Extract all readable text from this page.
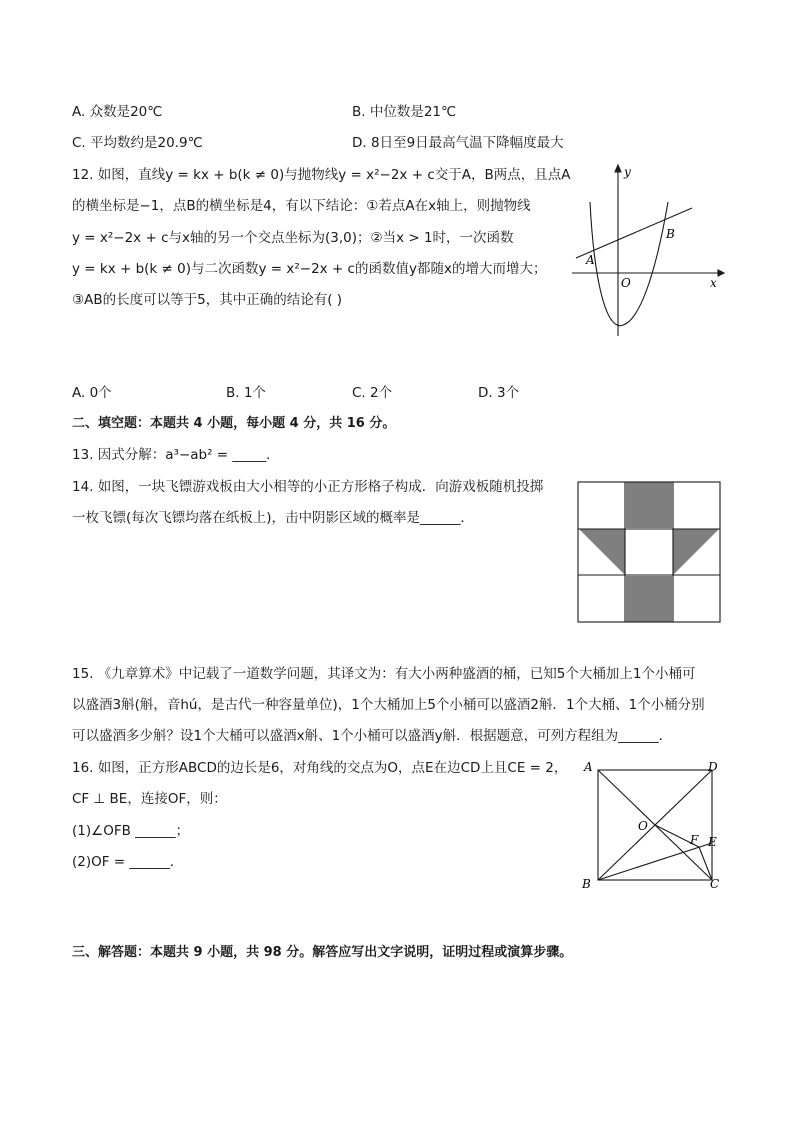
A. 众数是20℃	B. 中位数是21℃
C. 平均数约是20.9℃	D. 8日至9日最高气温下降幅度最大
12. 如图，直线y = kx + b(k ≠ 0)与抛物线y = x²−2x + c交于A，B两点，且点A
的横坐标是−1，点B的横坐标是4，有以下结论：①若点A在x轴上，则抛物线
y = x²−2x + c与x轴的另一个交点坐标为(3,0)；②当x > 1时，一次函数
y = kx + b(k ≠ 0)与二次函数y = x²−2x + c的函数值y都随x的增大而增大；
③AB的长度可以等于5，其中正确的结论有( )
y
x
A
B
O
A. 0个	B. 1个	C. 2个	D. 3个
二、填空题：本题共 4 小题，每小题 4 分，共 16 分。
13. 因式分解：a³−ab² = _____．
14. 如图，一块飞镖游戏板由大小相等的小正方形格子构成．向游戏板随机投掷
一枚飞镖(每次飞镖均落在纸板上)，击中阴影区域的概率是______．
15. 《九章算术》中记载了一道数学问题，其译文为：有大小两种盛酒的桶，已知5个大桶加上1个小桶可
以盛酒3斛(斛，音hú，是古代一种容量单位)，1个大桶加上5个小桶可以盛酒2斛．1个大桶、1个小桶分别
可以盛酒多少斛？设1个大桶可以盛酒x斛、1个小桶可以盛酒y斛．根据题意，可列方程组为______．
16. 如图，正方形ABCD的边长是6，对角线的交点为O，点E在边CD上且CE = 2，
CF ⊥ BE，连接OF，则：
(1)∠OFB ______；
(2)OF = ______．
A	D
B	C
O
F E
三、解答题：本题共 9 小题，共 98 分。解答应写出文字说明，证明过程或演算步骤。
